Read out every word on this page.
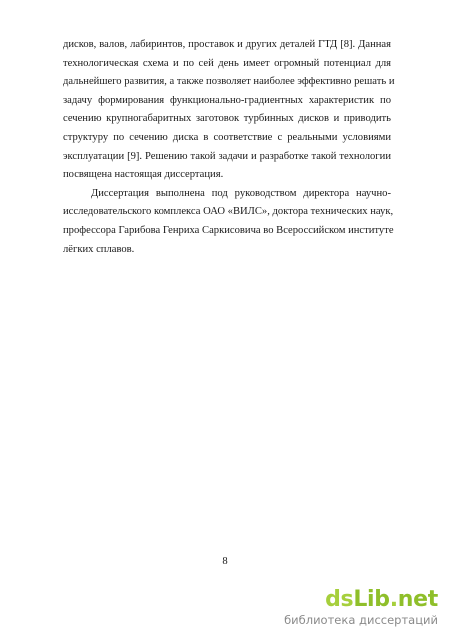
дисков, валов, лабиринтов, проставок и других деталей ГТД [8]. Данная
технологическая схема и по сей день имеет огромный потенциал для
дальнейшего развития, а также позволяет наиболее эффективно решать и
задачу формирования функционально-градиентных характеристик по
сечению крупногабаритных заготовок турбинных дисков и приводить
структуру по сечению диска в соответствие с реальными условиями
эксплуатации [9]. Решению такой задачи и разработке такой технологии
посвящена настоящая диссертация.
Диссертация выполнена под руководством директора научно-
исследовательского комплекса ОАО «ВИЛС», доктора технических наук,
профессора Гарибова Генриха Саркисовича во Всероссийском институте
лёгких сплавов.
8
dsLib.net
библиотека диссертаций
